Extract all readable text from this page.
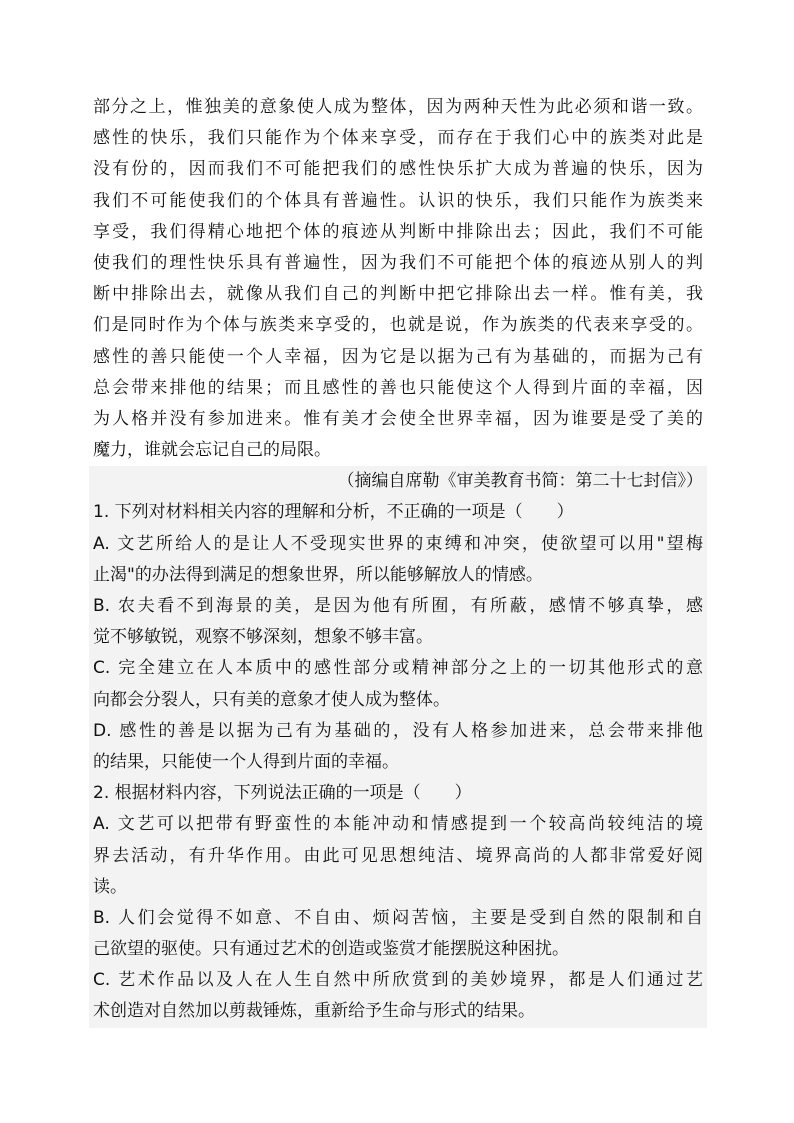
部分之上，惟独美的意象使人成为整体，因为两种天性为此必须和谐一致。
感性的快乐，我们只能作为个体来享受，而存在于我们心中的族类对此是
没有份的，因而我们不可能把我们的感性快乐扩大成为普遍的快乐，因为
我们不可能使我们的个体具有普遍性。认识的快乐，我们只能作为族类来
享受，我们得精心地把个体的痕迹从判断中排除出去；因此，我们不可能
使我们的理性快乐具有普遍性，因为我们不可能把个体的痕迹从别人的判
断中排除出去，就像从我们自己的判断中把它排除出去一样。惟有美，我
们是同时作为个体与族类来享受的，也就是说，作为族类的代表来享受的。
感性的善只能使一个人幸福，因为它是以据为己有为基础的，而据为己有
总会带来排他的结果；而且感性的善也只能使这个人得到片面的幸福，因
为人格并没有参加进来。惟有美才会使全世界幸福，因为谁要是受了美的
魔力，谁就会忘记自己的局限。
（摘编自席勒《审美教育书简：第二十七封信》）
1. 下列对材料相关内容的理解和分析，不正确的一项是（　　）
A. 文艺所给人的是让人不受现实世界的束缚和冲突，使欲望可以用"望梅
止渴"的办法得到满足的想象世界，所以能够解放人的情感。
B. 农夫看不到海景的美，是因为他有所囿，有所蔽，感情不够真挚，感
觉不够敏锐，观察不够深刻，想象不够丰富。
C. 完全建立在人本质中的感性部分或精神部分之上的一切其他形式的意
向都会分裂人，只有美的意象才使人成为整体。
D. 感性的善是以据为己有为基础的，没有人格参加进来，总会带来排他
的结果，只能使一个人得到片面的幸福。
2. 根据材料内容，下列说法正确的一项是（　　）
A. 文艺可以把带有野蛮性的本能冲动和情感提到一个较高尚较纯洁的境
界去活动，有升华作用。由此可见思想纯洁、境界高尚的人都非常爱好阅
读。
B. 人们会觉得不如意、不自由、烦闷苦恼，主要是受到自然的限制和自
己欲望的驱使。只有通过艺术的创造或鉴赏才能摆脱这种困扰。
C. 艺术作品以及人在人生自然中所欣赏到的美妙境界，都是人们通过艺
术创造对自然加以剪裁锤炼，重新给予生命与形式的结果。
